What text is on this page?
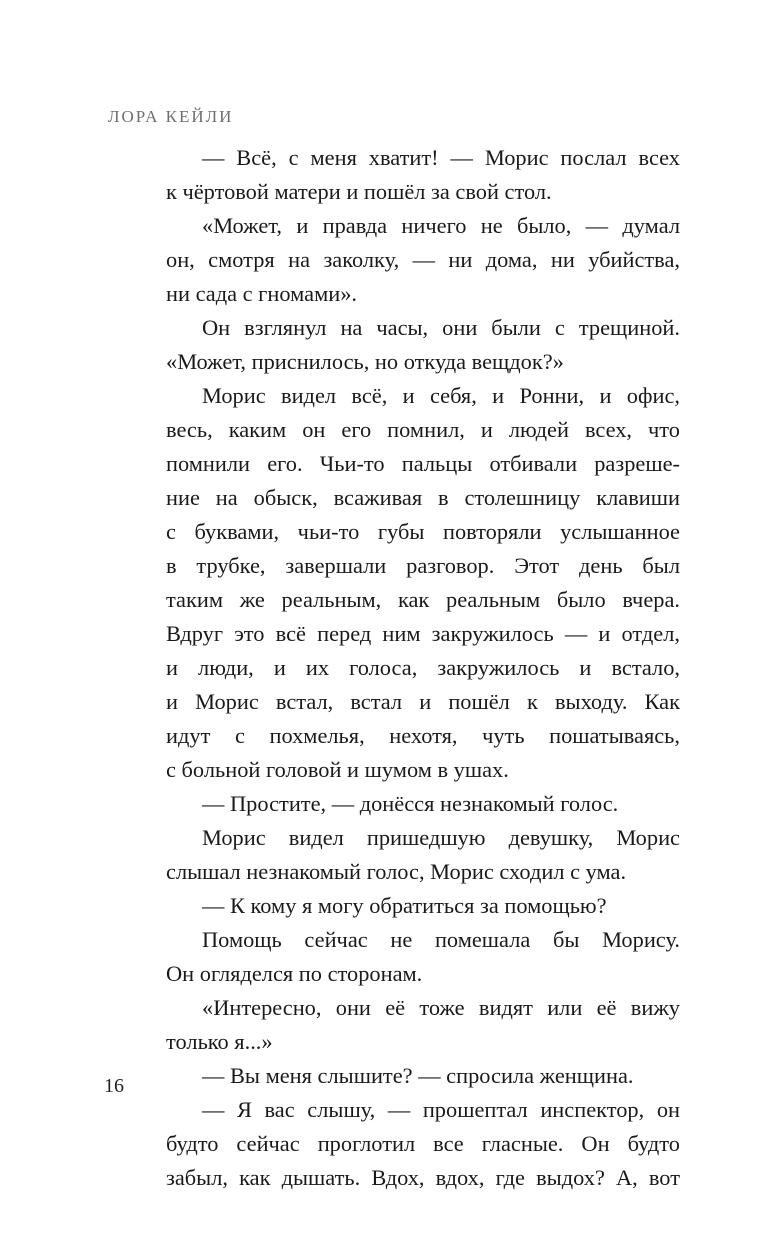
ЛОРА КЕЙЛИ
— Всё, с меня хватит! — Морис послал всех
к чёртовой матери и пошёл за свой стол.
«Может, и правда ничего не было, — думал
он, смотря на заколку, — ни дома, ни убийства,
ни сада с гномами».
Он взглянул на часы, они были с трещиной.
«Может, приснилось, но откуда вещдок?»
Морис видел всё, и себя, и Ронни, и офис,
весь, каким он его помнил, и людей всех, что
помнили его. Чьи-то пальцы отбивали разреше-
ние на обыск, всаживая в столешницу клавиши
с буквами, чьи-то губы повторяли услышанное
в трубке, завершали разговор. Этот день был
таким же реальным, как реальным было вчера.
Вдруг это всё перед ним закружилось — и отдел,
и люди, и их голоса, закружилось и встало,
и Морис встал, встал и пошёл к выходу. Как
идут с похмелья, нехотя, чуть пошатываясь,
с больной головой и шумом в ушах.
— Простите, — донёсся незнакомый голос.
Морис видел пришедшую девушку, Морис
слышал незнакомый голос, Морис сходил с ума.
— К кому я могу обратиться за помощью?
Помощь сейчас не помешала бы Морису.
Он огляделся по сторонам.
«Интересно, они её тоже видят или её вижу
только я...»
— Вы меня слышите? — спросила женщина.
— Я вас слышу, — прошептал инспектор, он
будто сейчас проглотил все гласные. Он будто
забыл, как дышать. Вдох, вдох, где выдох? А, вот
16
